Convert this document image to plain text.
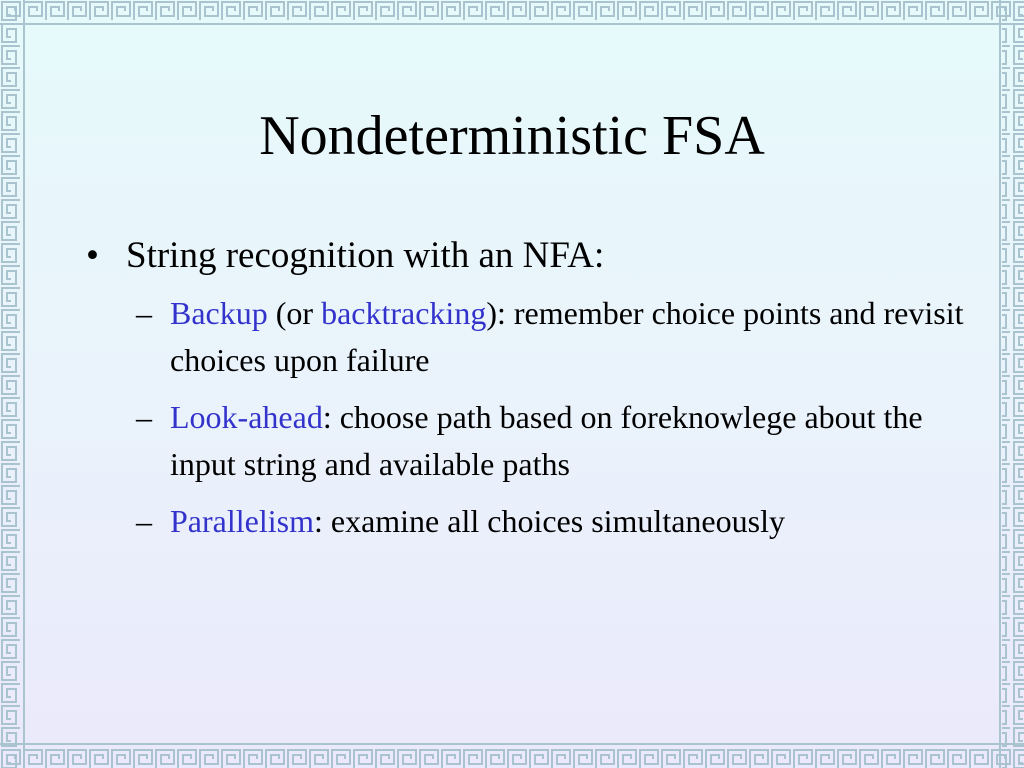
Nondeterministic FSA
• String recognition with an NFA:
– Backup (or backtracking): remember choice points and revisit choices upon failure
– Look-ahead: choose path based on foreknowlege about the input string and available paths
– Parallelism: examine all choices simultaneously
